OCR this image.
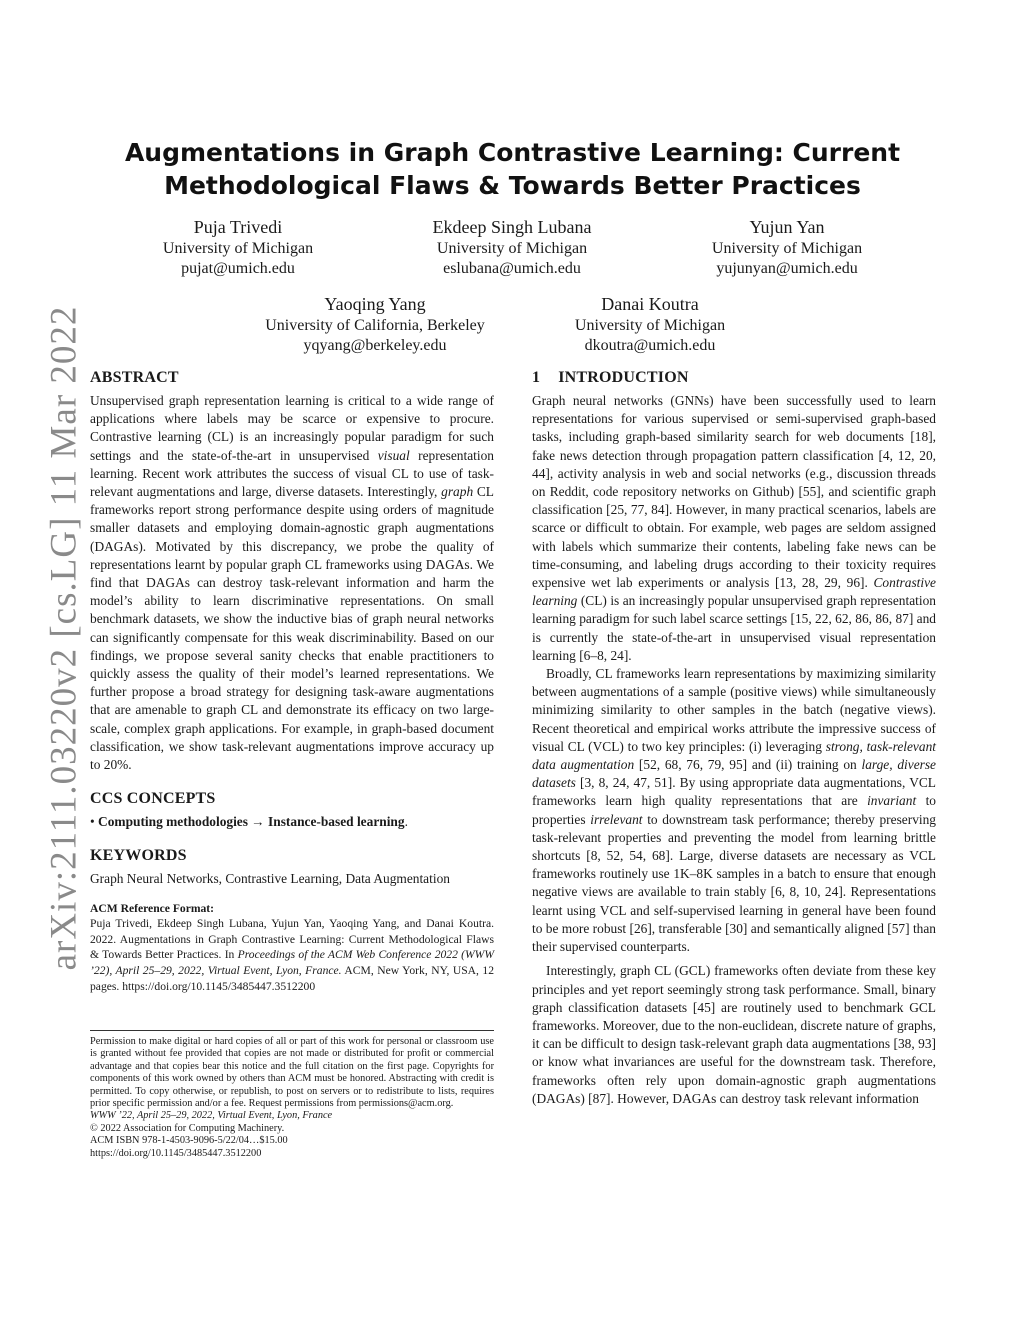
arXiv:2111.03220v2 [cs.LG] 11 Mar 2022
Augmentations in Graph Contrastive Learning: Current
Methodological Flaws & Towards Better Practices
Puja Trivedi
University of Michigan
pujat@umich.edu
Ekdeep Singh Lubana
University of Michigan
eslubana@umich.edu
Yujun Yan
University of Michigan
yujunyan@umich.edu
Yaoqing Yang
University of California, Berkeley
yqyang@berkeley.edu
Danai Koutra
University of Michigan
dkoutra@umich.edu
ABSTRACT

Unsupervised graph representation learning is critical to a wide range of applications where labels may be scarce or expensive to procure. Contrastive learning (CL) is an increasingly popular paradigm for such settings and the state-of-the-art in unsupervised visual representation learning. Recent work attributes the success of visual CL to use of task-relevant augmentations and large, diverse datasets. Interestingly, graph CL frameworks report strong performance despite using orders of magnitude smaller datasets and employing domain-agnostic graph augmentations (DAGAs). Motivated by this discrepancy, we probe the quality of representations learnt by popular graph CL frameworks using DAGAs. We find that DAGAs can destroy task-relevant information and harm the model’s ability to learn discriminative representations. On small benchmark datasets, we show the inductive bias of graph neural networks can significantly compensate for this weak discriminability. Based on our findings, we propose several sanity checks that enable practitioners to quickly assess the quality of their model’s learned representations. We further propose a broad strategy for designing task-aware augmentations that are amenable to graph CL and demonstrate its efficacy on two large-scale, complex graph applications. For example, in graph-based document classification, we show task-relevant augmentations improve accuracy up to 20%.

CCS CONCEPTS

• Computing methodologies → Instance-based learning.

KEYWORDS

Graph Neural Networks, Contrastive Learning, Data Augmentation

ACM Reference Format:

Puja Trivedi, Ekdeep Singh Lubana, Yujun Yan, Yaoqing Yang, and Danai Koutra. 2022. Augmentations in Graph Contrastive Learning: Current Methodological Flaws & Towards Better Practices. In Proceedings of the ACM Web Conference 2022 (WWW ’22), April 25–29, 2022, Virtual Event, Lyon, France. ACM, New York, NY, USA, 12 pages. https://doi.org/10.1145/3485447.3512200

Permission to make digital or hard copies of all or part of this work for personal or classroom use is granted without fee provided that copies are not made or distributed for profit or commercial advantage and that copies bear this notice and the full citation on the first page. Copyrights for components of this work owned by others than ACM must be honored. Abstracting with credit is permitted. To copy otherwise, or republish, to post on servers or to redistribute to lists, requires prior specific permission and/or a fee. Request permissions from permissions@acm.org.

WWW ’22, April 25–29, 2022, Virtual Event, Lyon, France
© 2022 Association for Computing Machinery.
ACM ISBN 978-1-4503-9096-5/22/04…$15.00
https://doi.org/10.1145/3485447.3512200
1 INTRODUCTION

Graph neural networks (GNNs) have been successfully used to learn representations for various supervised or semi-supervised graph-based tasks, including graph-based similarity search for web documents [18], fake news detection through propagation pattern classification [4, 12, 20, 44], activity analysis in web and social networks (e.g., discussion threads on Reddit, code repository networks on Github) [55], and scientific graph classification [25, 77, 84]. However, in many practical scenarios, labels are scarce or difficult to obtain. For example, web pages are seldom assigned with labels which summarize their contents, labeling fake news can be time-consuming, and labeling drugs according to their toxicity requires expensive wet lab experiments or analysis [13, 28, 29, 96]. Contrastive learning (CL) is an increasingly popular unsupervised graph representation learning paradigm for such label scarce settings [15, 22, 62, 86, 86, 87] and is currently the state-of-the-art in unsupervised visual representation learning [6–8, 24].

Broadly, CL frameworks learn representations by maximizing similarity between augmentations of a sample (positive views) while simultaneously minimizing similarity to other samples in the batch (negative views). Recent theoretical and empirical works attribute the impressive success of visual CL (VCL) to two key principles: (i) leveraging strong, task-relevant data augmentation [52, 68, 76, 79, 95] and (ii) training on large, diverse datasets [3, 8, 24, 47, 51]. By using appropriate data augmentations, VCL frameworks learn high quality representations that are invariant to properties irrelevant to downstream task performance; thereby preserving task-relevant properties and preventing the model from learning brittle shortcuts [8, 52, 54, 68]. Large, diverse datasets are necessary as VCL frameworks routinely use 1K–8K samples in a batch to ensure that enough negative views are available to train stably [6, 8, 10, 24]. Representations learnt using VCL and self-supervised learning in general have been found to be more robust [26], transferable [30] and semantically aligned [57] than their supervised counterparts.

Interestingly, graph CL (GCL) frameworks often deviate from these key principles and yet report seemingly strong task performance. Small, binary graph classification datasets [45] are routinely used to benchmark GCL frameworks. Moreover, due to the non-euclidean, discrete nature of graphs, it can be difficult to design task-relevant graph data augmentations [38, 93] or know what invariances are useful for the downstream task. Therefore, frameworks often rely upon domain-agnostic graph augmentations (DAGAs) [87]. However, DAGAs can destroy task relevant information
